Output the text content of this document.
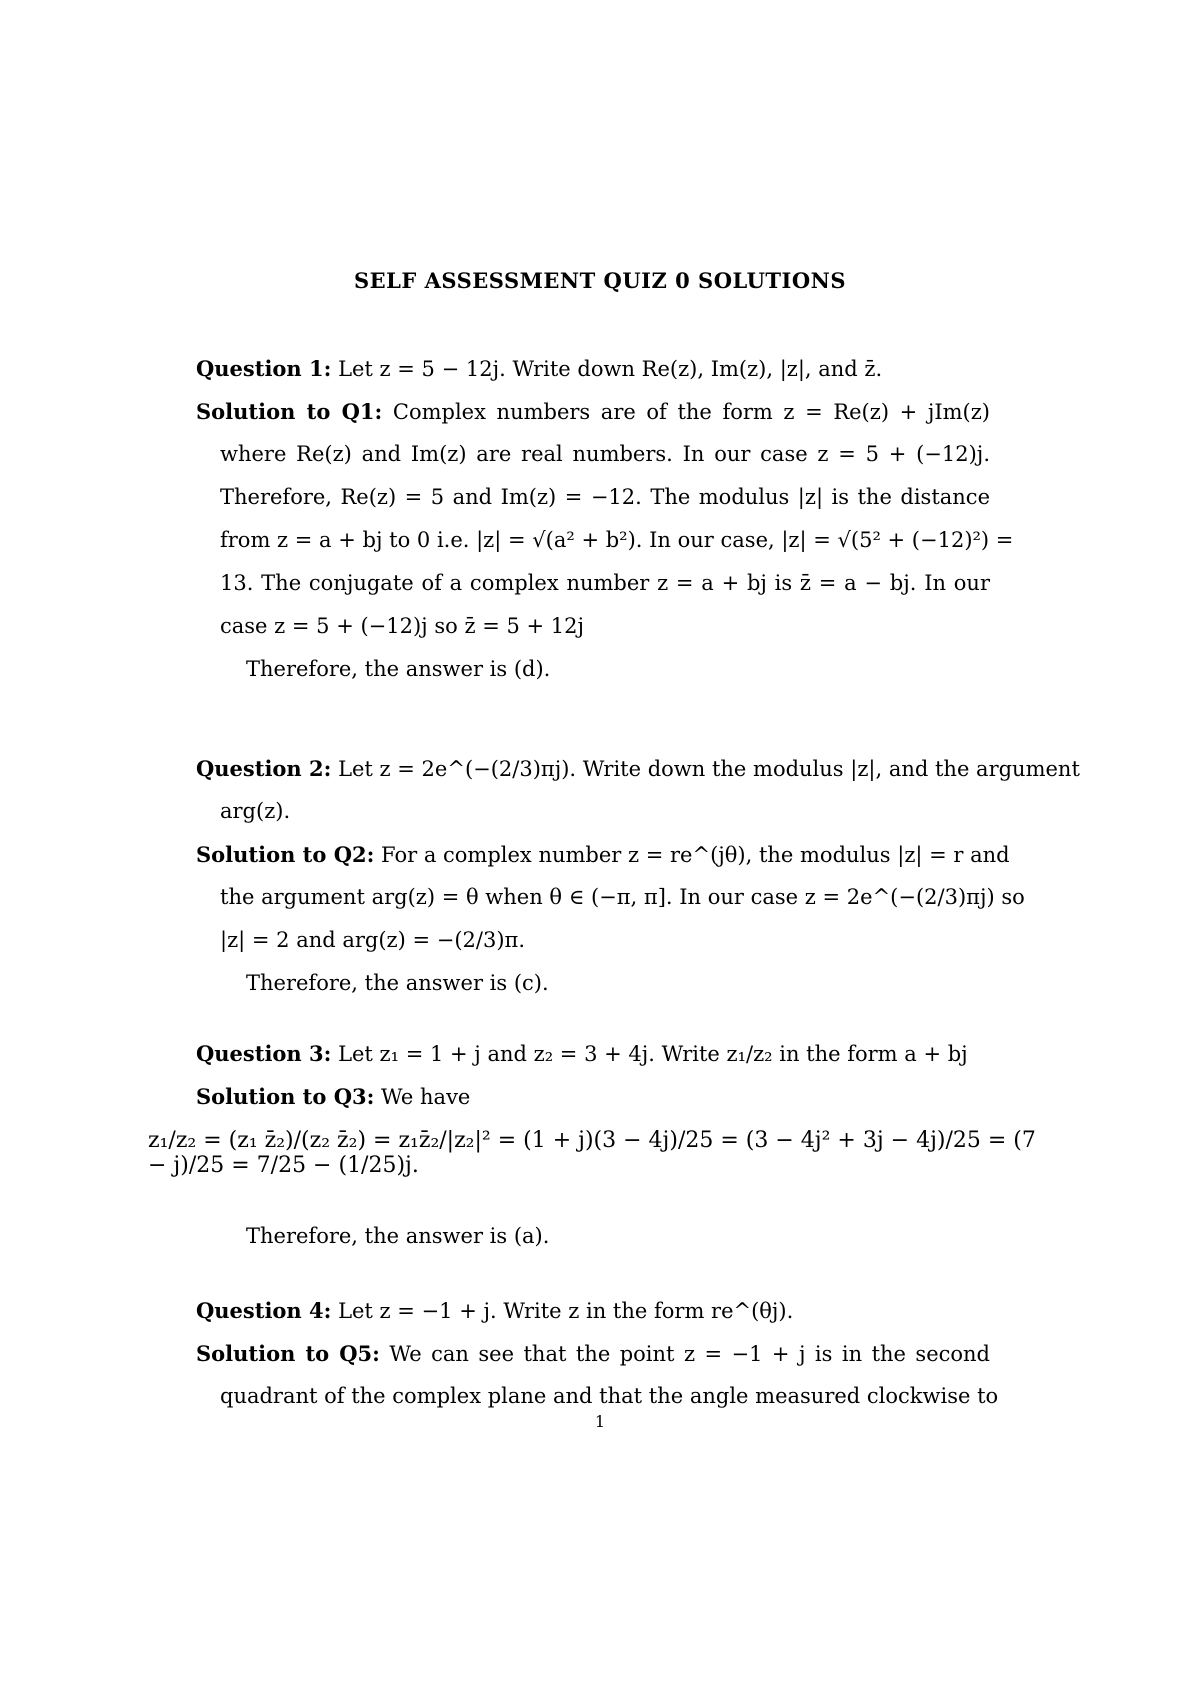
SELF ASSESSMENT QUIZ 0 SOLUTIONS
Question 1: Let z = 5 − 12j. Write down Re(z), Im(z), |z|, and z̄.
Solution to Q1: Complex numbers are of the form z = Re(z) + jIm(z)
where Re(z) and Im(z) are real numbers. In our case z = 5 + (−12)j.
Therefore, Re(z) = 5 and Im(z) = −12. The modulus |z| is the distance
from z = a + bj to 0 i.e. |z| = √(a² + b²). In our case, |z| = √(5² + (−12)²) =
13. The conjugate of a complex number z = a + bj is z̄ = a − bj. In our
case z = 5 + (−12)j so z̄ = 5 + 12j
Therefore, the answer is (d).
Question 2: Let z = 2e^(−(2/3)πj). Write down the modulus |z|, and the argument
arg(z).
Solution to Q2: For a complex number z = re^(jθ), the modulus |z| = r and
the argument arg(z) = θ when θ ∈ (−π, π]. In our case z = 2e^(−(2/3)πj) so
|z| = 2 and arg(z) = −(2/3)π.
Therefore, the answer is (c).
Question 3: Let z₁ = 1 + j and z₂ = 3 + 4j. Write z₁/z₂ in the form a + bj
Solution to Q3: We have
z₁/z₂ = (z₁ z̄₂)/(z₂ z̄₂) = z₁z̄₂/|z₂|² = (1 + j)(3 − 4j)/25 = (3 − 4j² + 3j − 4j)/25 = (7 − j)/25 = 7/25 − (1/25)j.
Therefore, the answer is (a).
Question 4: Let z = −1 + j. Write z in the form re^(θj).
Solution to Q5: We can see that the point z = −1 + j is in the second
quadrant of the complex plane and that the angle measured clockwise to
1
